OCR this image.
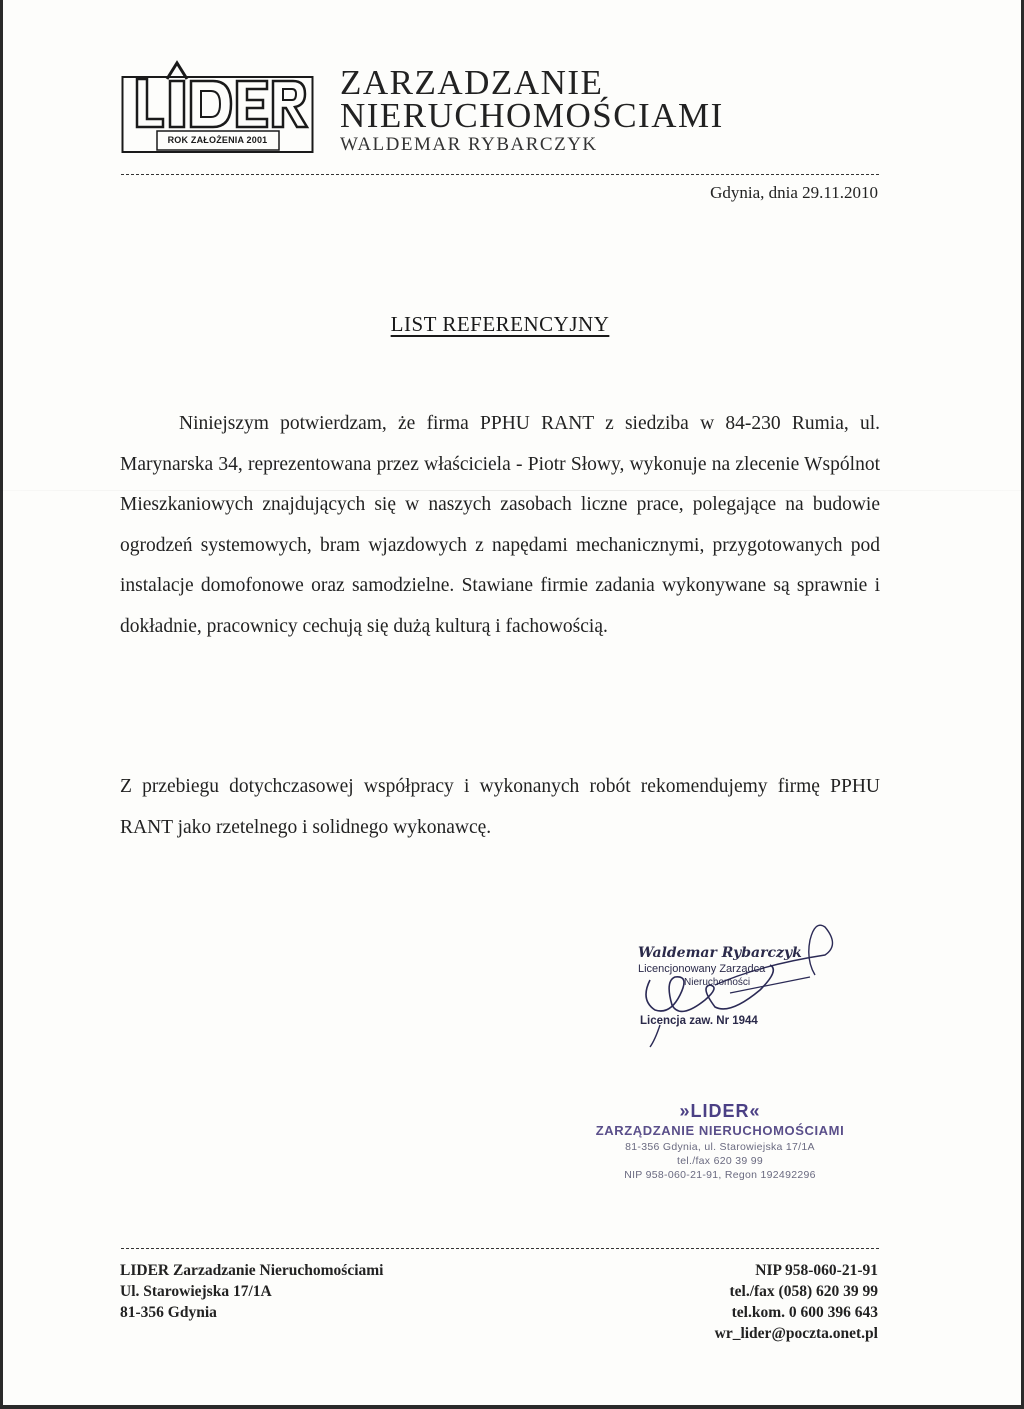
LIDER
ROK ZAŁOŻENIA 2001
ZARZADZANIE
NIERUCHOMOŚCIAMI
WALDEMAR RYBARCZYK
Gdynia, dnia 29.11.2010
LIST REFERENCYJNY
Niniejszym potwierdzam, że firma PPHU RANT z siedziba w 84-230 Rumia, ul. Marynarska 34, reprezentowana przez właściciela - Piotr Słowy, wykonuje na zlecenie Wspólnot Mieszkaniowych znajdujących się w naszych zasobach liczne prace, polegające na budowie ogrodzeń systemowych, bram wjazdowych z napędami mechanicznymi, przygotowanych pod instalacje domofonowe oraz samodzielne. Stawiane firmie zadania wykonywane są sprawnie i dokładnie, pracownicy cechują się dużą kulturą i fachowością.
Z przebiegu dotychczasowej współpracy i wykonanych robót rekomendujemy firmę PPHU RANT jako rzetelnego i solidnego wykonawcę.
Waldemar Rybarczyk
Licencjonowany Zarządca
Nieruchomości
Licencja zaw. Nr 1944
»LIDER«
ZARZĄDZANIE NIERUCHOMOŚCIAMI
81-356 Gdynia, ul. Starowiejska 17/1A
tel./fax 620 39 99
NIP 958-060-21-91, Regon 192492296
LIDER Zarzadzanie Nieruchomościami
Ul. Starowiejska 17/1A
81-356 Gdynia
NIP 958-060-21-91
tel./fax (058) 620 39 99
tel.kom. 0 600 396 643
wr_lider@poczta.onet.pl
